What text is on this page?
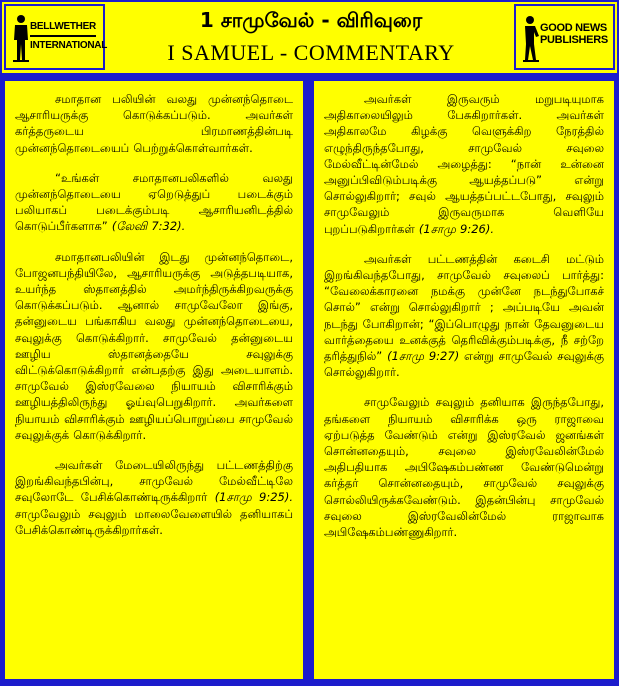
BELLWETHER
INTERNATIONAL
1 சாமுவேல் - விரிவுரை
I SAMUEL - COMMENTARY
GOOD NEWS
PUBLISHERS

சமாதான பலியின் வலது முன்னந்தொடை ஆசாரியருக்கு கொடுக்கப்படும். அவர்கள் கர்த்தருடைய பிரமாணத்தின்படி முன்னந்தொடையைப் பெற்றுக்கொள்வார்கள்.

“உங்கள் சமாதானபலிகளில் வலது முன்னந்தொடையை ஏறெடுத்துப் படைக்கும் பலியாகப் படைக்கும்படி ஆசாரியனிடத்தில் கொடுப்பீர்களாக” (லேவி 7:32).

சமாதானபலியின் இடது முன்னந்தொடை, போஜனபந்தியிலே, ஆசாரியருக்கு அடுத்தபடியாக, உயர்ந்த ஸ்தானத்தில் அமர்ந்திருக்கிறவருக்கு கொடுக்கப்படும். ஆனால் சாமுவேலோ இங்கு, தன்னுடைய பங்காகிய வலது முன்னந்தொடையை, சவுலுக்கு கொடுக்கிறார். சாமுவேல் தன்னுடைய ஊழிய ஸ்தானத்தையே சவுலுக்கு விட்டுக்கொடுக்கிறார் என்பதற்கு இது அடையாளம். சாமுவேல் இஸ்ரவேலை நியாயம் விசாரிக்கும் ஊழியத்திலிருந்து ஓய்வுபெறுகிறார். அவர்களை நியாயம் விசாரிக்கும் ஊழியப்பொறுப்பை சாமுவேல் சவுலுக்குக் கொடுக்கிறார்.

அவர்கள் மேடையிலிருந்து பட்டணத்திற்கு இறங்கிவந்தபின்பு, சாமுவேல் மேல்வீட்டிலே சவுலோடே பேசிக்கொண்டிருக்கிறார் (1சாமு 9:25). சாமுவேலும் சவுலும் மாலைவேளையில் தனியாகப் பேசிக்கொண்டிருக்கிறார்கள்.

அவர்கள் இருவரும் மறுபடியுமாக அதிகாலையிலும் பேசுகிறார்கள். அவர்கள் அதிகாலமே கிழக்கு வெளுக்கிற நேரத்தில் எழுந்திருந்தபோது, சாமுவேல் சவுலை மேல்வீட்டின்மேல் அழைத்து: “நான் உன்னை அனுப்பிவிடும்படிக்கு ஆயத்தப்படு” என்று சொல்லுகிறார்; சவுல் ஆயத்தப்பட்டபோது, சவுலும் சாமுவேலும் இருவருமாக வெளியே புறப்படுகிறார்கள் (1சாமு 9:26).

அவர்கள் பட்டணத்தின் கடைசி மட்டும் இறங்கிவந்தபோது, சாமுவேல் சவுலைப் பார்த்து: “வேலைக்காரனை நமக்கு முன்னே நடந்துபோகச் சொல்” என்று சொல்லுகிறார் ; அப்படியே அவன் நடந்து போகிறான்; “இப்பொழுது நான் தேவனுடைய வார்த்தையை உனக்குத் தெரிவிக்கும்படிக்கு, நீ சற்றே தரித்துநில்” (1சாமு 9:27) என்று சாமுவேல் சவுலுக்கு சொல்லுகிறார்.

சாமுவேலும் சவுலும் தனியாக இருந்தபோது, தங்களை நியாயம் விசாரிக்க ஒரு ராஜாவை ஏற்படுத்த வேண்டும் என்று இஸ்ரவேல் ஜனங்கள் சொன்னதையும், சவுலை இஸ்ரவேலின்மேல் அதிபதியாக அபிஷேகம்பண்ண வேண்டுமென்று கர்த்தர் சொன்னதையும், சாமுவேல் சவுலுக்கு சொல்லியிருக்கவேண்டும். இதன்பின்பு சாமுவேல் சவுலை இஸ்ரவேலின்மேல் ராஜாவாக அபிஷேகம்பண்ணுகிறார்.
